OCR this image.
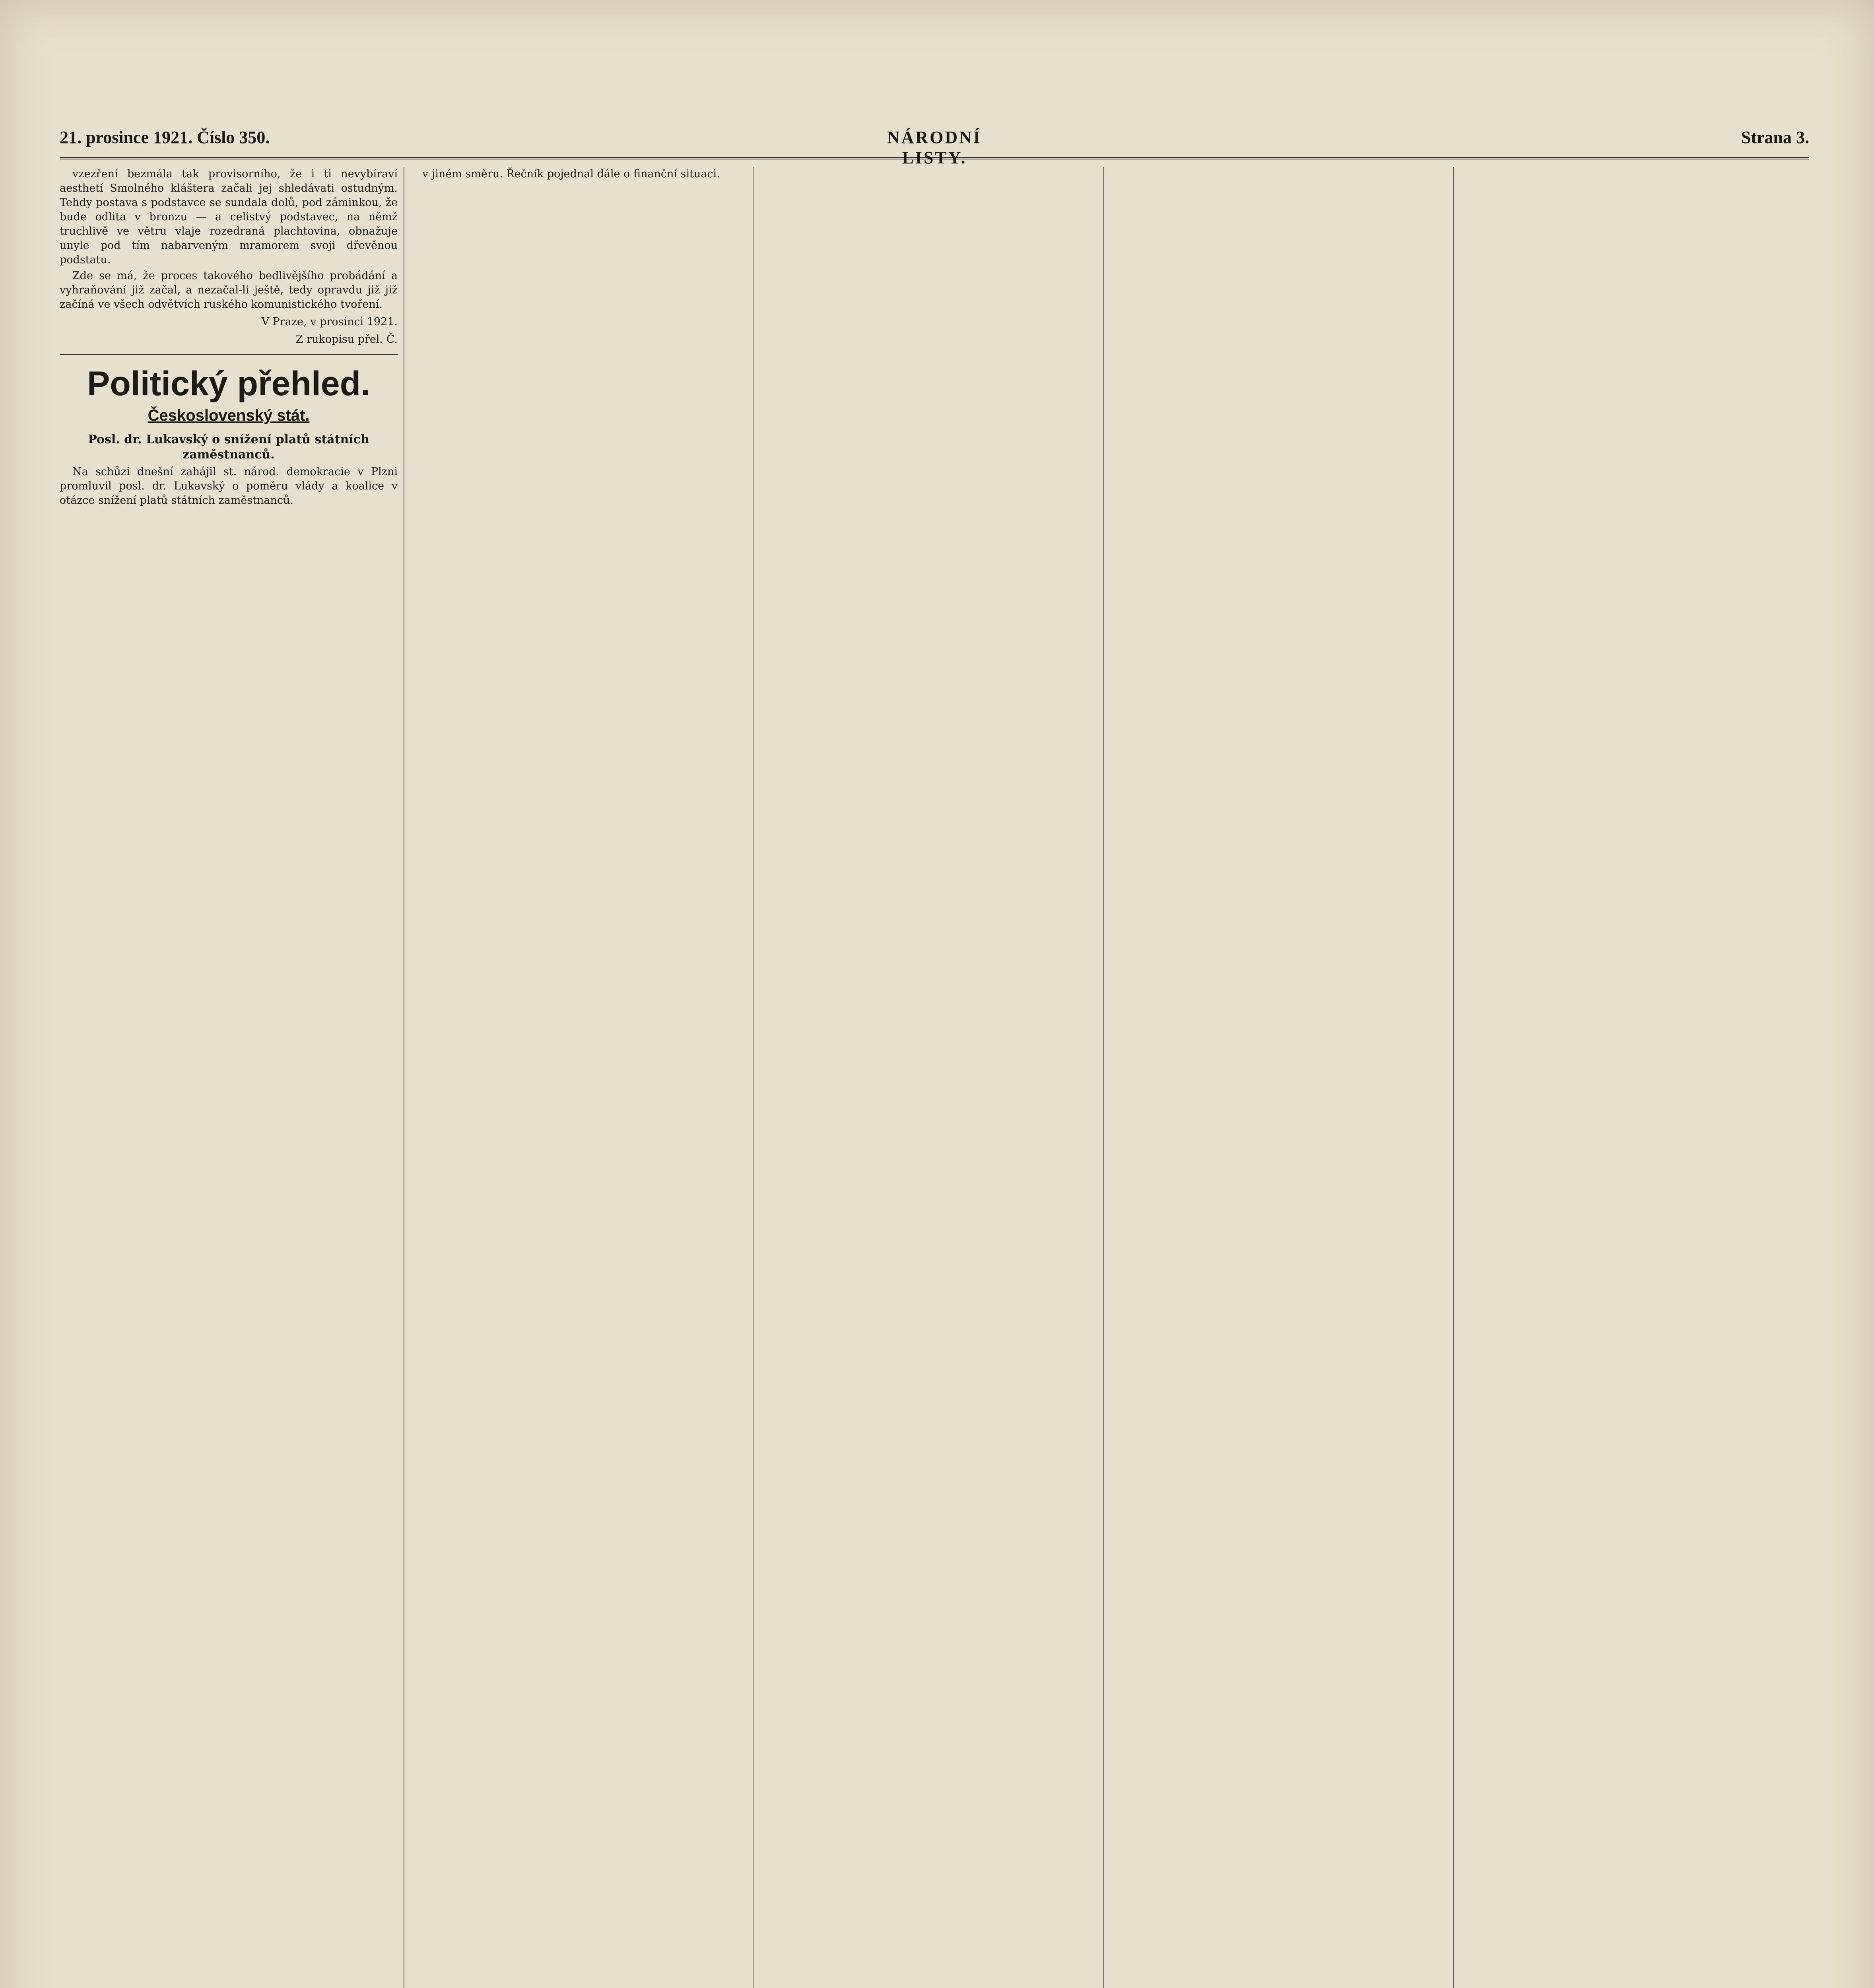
21. prosince 1921. Číslo 350.	NÁRODNÍ LISTY.
Strana 3.

vzezření bezmála tak provisorního, že i ti nevybíraví aesthetí Smolného kláštera začali jej shledávati ostudným. Tehdy postava s podstavce se sundala dolů, pod záminkou, že bude odlita v bronzu — a celistvý podstavec, na němž truchlivě ve větru vlaje rozedraná plachtovina, obnažuje unyle pod tím nabarveným mramorem svoji dřevěnou podstatu.

Zde se má, že proces takového bedlivějšího probádání a vyhraňování již začal, a nezačal-li ještě, tedy opravdu již již začíná ve všech odvětvích ruského komunistického tvoření.

V Praze, v prosinci 1921.
Z rukopisu přel. Č.
Politický přehled.
Československý stát.
Posl. dr. Lukavský o snížení platů státních zaměstnanců.

Na schůzi dnešní zahájil st. národ. demokracie v Plzni promluvil posl. dr. Lukavský o poměru vlády a koalice v otázce snížení platů státních zaměstnanců.

v jiném směru. Řečník pojednal dále o finanční situaci.
